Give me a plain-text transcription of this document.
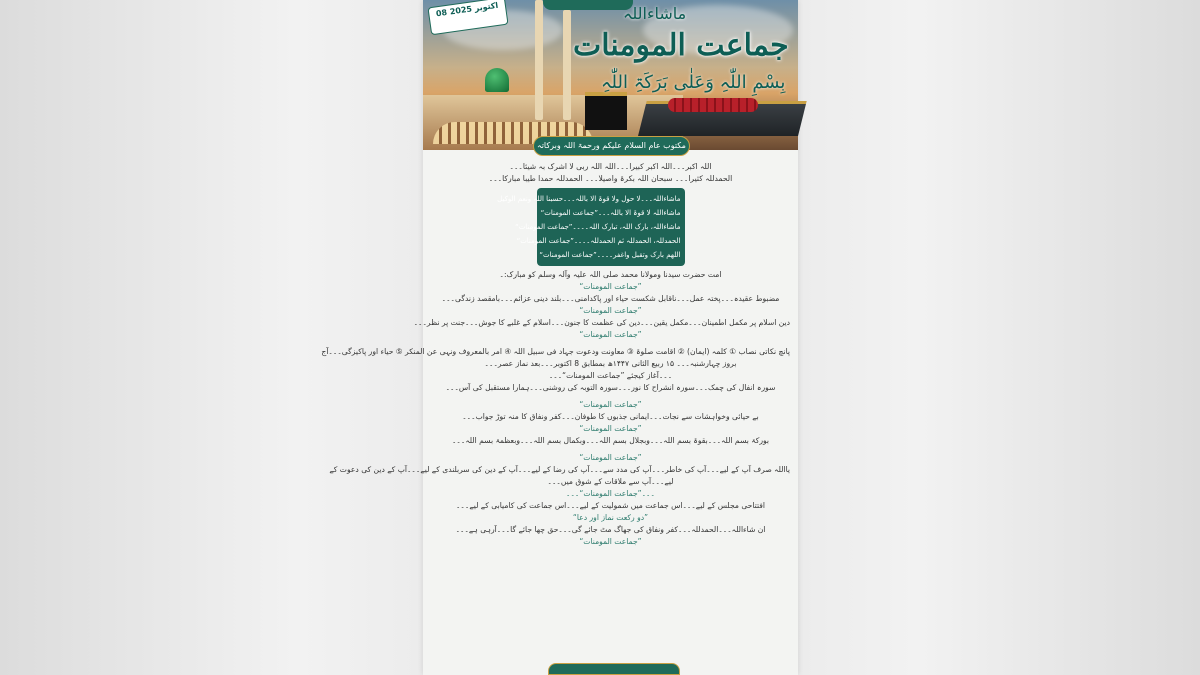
08 اکتوبر 2025	ماشاءاللہ
جماعت المومنات
بِسْمِ اللّٰہِ وَعَلٰی بَرَکَۃِ اللّٰہِ
مکتوب عام السلام علیکم ورحمۃ اللہ وبرکاتہ
اللہ اکبر۔۔۔اللہ اکبر کبیرا۔۔۔اللہ اللہ ربی لا اشرک بہ شیئا۔۔۔
الحمدللہ کثیرا۔۔۔ سبحان اللہ بکرۃ واصیلا۔۔۔ الحمدللہ حمدا طیبا مبارکا۔۔۔
ماشاءاللہ۔۔۔لا حول ولا قوۃ الا باللہ۔۔۔حسبنا اللہ ونعم الوکیل
ماشاءاللہ لا قوۃ الا باللہ۔۔۔”جماعت المومنات“
ماشاءاللہ، بارک اللہ، تبارک اللہ۔۔۔۔”جماعت المومنات“
الحمدللہ، الحمدللہ ثم الحمدللہ۔۔۔۔”جماعت المومنات“
اللھم بارک وتقبل واغفر۔۔۔۔”جماعت المومنات“
امت حضرت سیدنا ومولانا محمد صلی اللہ علیہ وآلہ وسلم کو مبارک:۔
”جماعت المومنات“
مضبوط عقیدہ۔۔۔پختہ عمل۔۔۔ناقابل شکست حیاء اور پاکدامنی۔۔۔بلند دینی عزائم۔۔۔بامقصد زندگی۔۔۔
”جماعت المومنات“
دین اسلام پر مکمل اطمینان۔۔۔مکمل یقین۔۔۔دین کی عظمت کا جنون۔۔۔اسلام کے غلبے کا جوش۔۔۔جنت پر نظر۔۔۔
”جماعت المومنات“
پانچ نکاتی نصاب ① کلمہ (ایمان) ② اقامت صلوۃ ③ معاونت ودعوت جہاد فی سبیل اللہ ④ امر بالمعروف ونہی عن المنکر ⑤ حیاء اور پاکیزگی۔۔۔آج
بروز چہارشنبہ۔۔۔ ۱۵ ربیع الثانی ۱۴۴۷ھ بمطابق 8 اکتوبر۔۔۔بعد نماز عصر۔۔۔
۔۔۔آغاز کیجئے ”جماعت المومنات“۔۔۔
سورہ انفال کی چمک۔۔۔سورہ انشراح کا نور۔۔۔سورہ التوبہ کی روشنی۔۔۔ہمارا مستقبل کی آس۔۔۔
”جماعت المومنات“
بے حیائی وخواہشات سے نجات۔۔۔ایمانی جذبوں کا طوفان۔۔۔کفر ونفاق کا منہ توڑ جواب۔۔۔
”جماعت المومنات“
بورکۃ بسم اللہ۔۔۔بقوۃ بسم اللہ۔۔۔وبجلال بسم اللہ۔۔۔وبکمال بسم اللہ۔۔۔وبعظمۃ بسم اللہ۔۔۔
”جماعت المومنات“
یااللہ صرف آپ کے لیے۔۔۔آپ کی خاطر۔۔۔آپ کی مدد سے۔۔۔آپ کی رضا کے لیے۔۔۔آپ کے دین کی سربلندی کے لیے۔۔۔آپ کے دین کی دعوت کے
لیے۔۔۔آپ سے ملاقات کے شوق میں۔۔۔
۔۔۔”جماعت المومنات“۔۔۔
افتتاحی مجلس کے لیے۔۔۔اس جماعت میں شمولیت کے لیے۔۔۔اس جماعت کی کامیابی کے لیے۔۔۔
”دو رکعت نماز اور دعا“
ان شاءاللہ۔۔۔الحمدللہ۔۔۔کفر ونفاق کی جھاگ مٹ جائے گی۔۔۔حق چھا جائے گا۔۔۔آرہی ہے۔۔۔
”جماعت المومنات“
